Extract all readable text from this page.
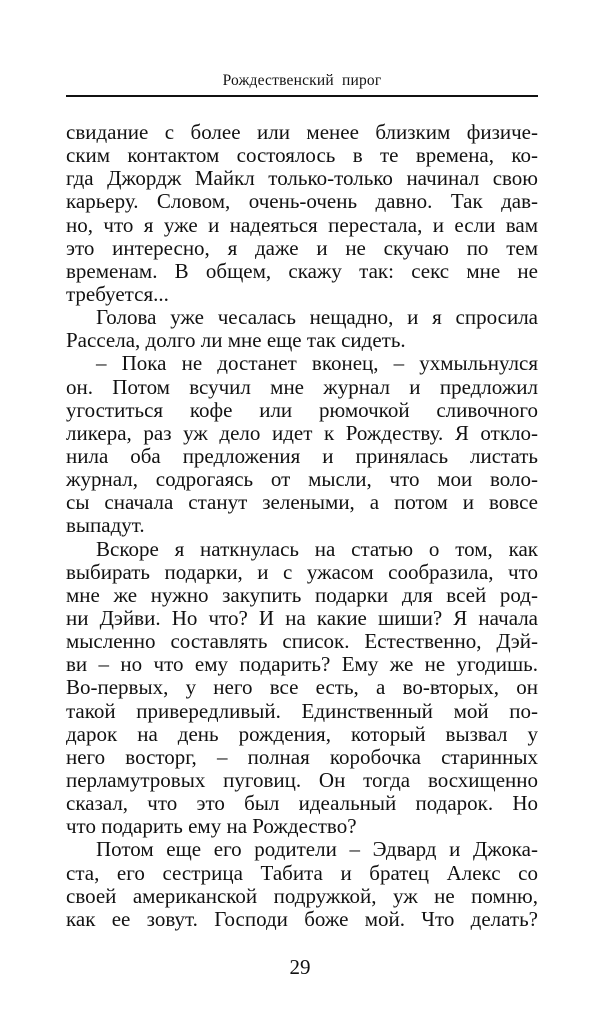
Рождественский пирог
свидание с более или менее близким физиче-
ским контактом состоялось в те времена, ко-
гда Джордж Майкл только-только начинал свою
карьеру. Словом, очень-очень давно. Так дав-
но, что я уже и надеяться перестала, и если вам
это интересно, я даже и не скучаю по тем
временам. В общем, скажу так: секс мне не
требуется...
Голова уже чесалась нещадно, и я спросила
Рассела, долго ли мне еще так сидеть.
– Пока не достанет вконец, – ухмыльнулся
он. Потом всучил мне журнал и предложил
угоститься кофе или рюмочкой сливочного
ликера, раз уж дело идет к Рождеству. Я откло-
нила оба предложения и принялась листать
журнал, содрогаясь от мысли, что мои воло-
сы сначала станут зелеными, а потом и вовсе
выпадут.
Вскоре я наткнулась на статью о том, как
выбирать подарки, и с ужасом сообразила, что
мне же нужно закупить подарки для всей род-
ни Дэйви. Но что? И на какие шиши? Я начала
мысленно составлять список. Естественно, Дэй-
ви – но что ему подарить? Ему же не угодишь.
Во-первых, у него все есть, а во-вторых, он
такой привередливый. Единственный мой по-
дарок на день рождения, который вызвал у
него восторг, – полная коробочка старинных
перламутровых пуговиц. Он тогда восхищенно
сказал, что это был идеальный подарок. Но
что подарить ему на Рождество?
Потом еще его родители – Эдвард и Джока-
ста, его сестрица Табита и братец Алекс со
своей американской подружкой, уж не помню,
как ее зовут. Господи боже мой. Что делать?
29
